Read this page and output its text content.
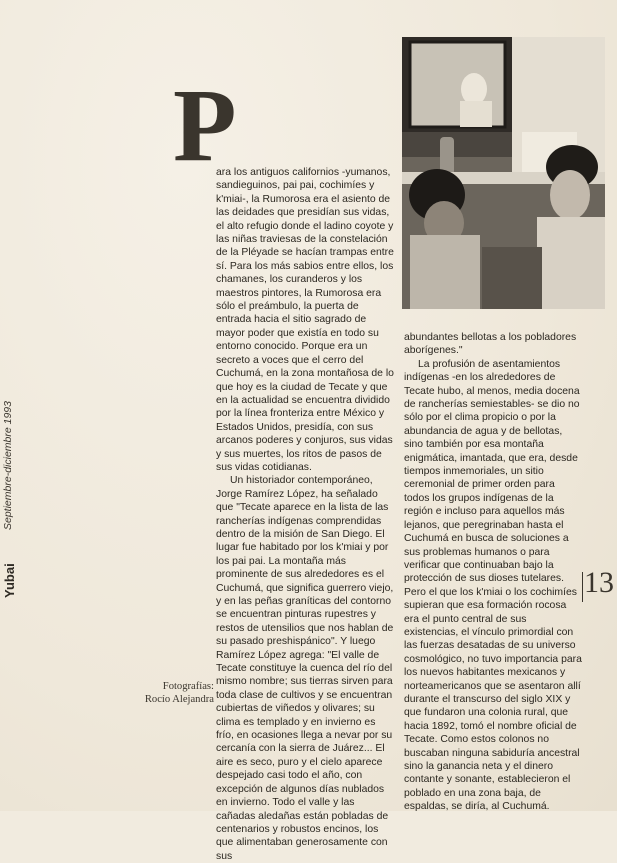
P

ara los antiguos californios -yumanos, sandieguinos, pai pai, cochimíes y k'miai-, la Rumorosa era el asiento de las deidades que presidían sus vidas, el alto refugio donde el ladino coyote y las niñas traviesas de la constelación de la Pléyade se hacían trampas entre sí. Para los más sabios entre ellos, los chamanes, los curanderos y los maestros pintores, la Rumorosa era sólo el preámbulo, la puerta de entrada hacia el sitio sagrado de mayor poder que existía en todo su entorno conocido. Porque era un secreto a voces que el cerro del Cuchumá, en la zona montañosa de lo que hoy es la ciudad de Tecate y que en la actualidad se encuentra dividido por la línea fronteriza entre México y Estados Unidos, presidía, con sus arcanos poderes y conjuros, sus vidas y sus muertes, los ritos de pasos de sus vidas cotidianas.

Un historiador contemporáneo, Jorge Ramírez López, ha señalado que "Tecate aparece en la lista de las rancherías indígenas comprendidas dentro de la misión de San Diego. El lugar fue habitado por los k'miai y por los pai pai. La montaña más prominente de sus alrededores es el Cuchumá, que significa guerrero viejo, y en las peñas graníticas del contorno se encuentran pinturas rupestres y restos de utensilios que nos hablan de su pasado preshispánico". Y luego Ramírez López agrega: "El valle de Tecate constituye la cuenca del río del mismo nombre; sus tierras sirven para toda clase de cultivos y se encuentran cubiertas de viñedos y olivares; su clima es templado y en invierno es frío, en ocasiones llega a nevar por su cercanía con la sierra de Juárez... El aire es seco, puro y el cielo aparece despejado casi todo el año, con excepción de algunos días nublados en invierno. Todo el valle y las cañadas aledañas están pobladas de centenarios y robustos encinos, los que alimentaban generosamente con sus

abundantes bellotas a los pobladores aborígenes."

La profusión de asentamientos indígenas -en los alrededores de Tecate hubo, al menos, media docena de rancherías semiestables- se dio no sólo por el clima propicio o por la abundancia de agua y de bellotas, sino también por esa montaña enigmática, imantada, que era, desde tiempos inmemoriales, un sitio ceremonial de primer orden para todos los grupos indígenas de la región e incluso para aquellos más lejanos, que peregrinaban hasta el Cuchumá en busca de soluciones a sus problemas humanos o para verificar que continuaban bajo la protección de sus dioses tutelares. Pero el que los k'miai o los cochimíes supieran que esa formación rocosa era el punto central de sus existencias, el vínculo primordial con las fuerzas desatadas de su universo cosmológico, no tuvo importancia para los nuevos habitantes mexicanos y norteamericanos que se asentaron allí durante el transcurso del siglo XIX y que fundaron una colonia rural, que hacia 1892, tomó el nombre oficial de Tecate. Como estos colonos no buscaban ninguna sabiduría ancestral sino la ganancia neta y el dinero contante y sonante, establecieron el poblado en una zona baja, de espaldas, se diría, al Cuchumá.

Fotografías:
Rocío Alejandra
Yubai
Septiembre-diciembre 1993
13
